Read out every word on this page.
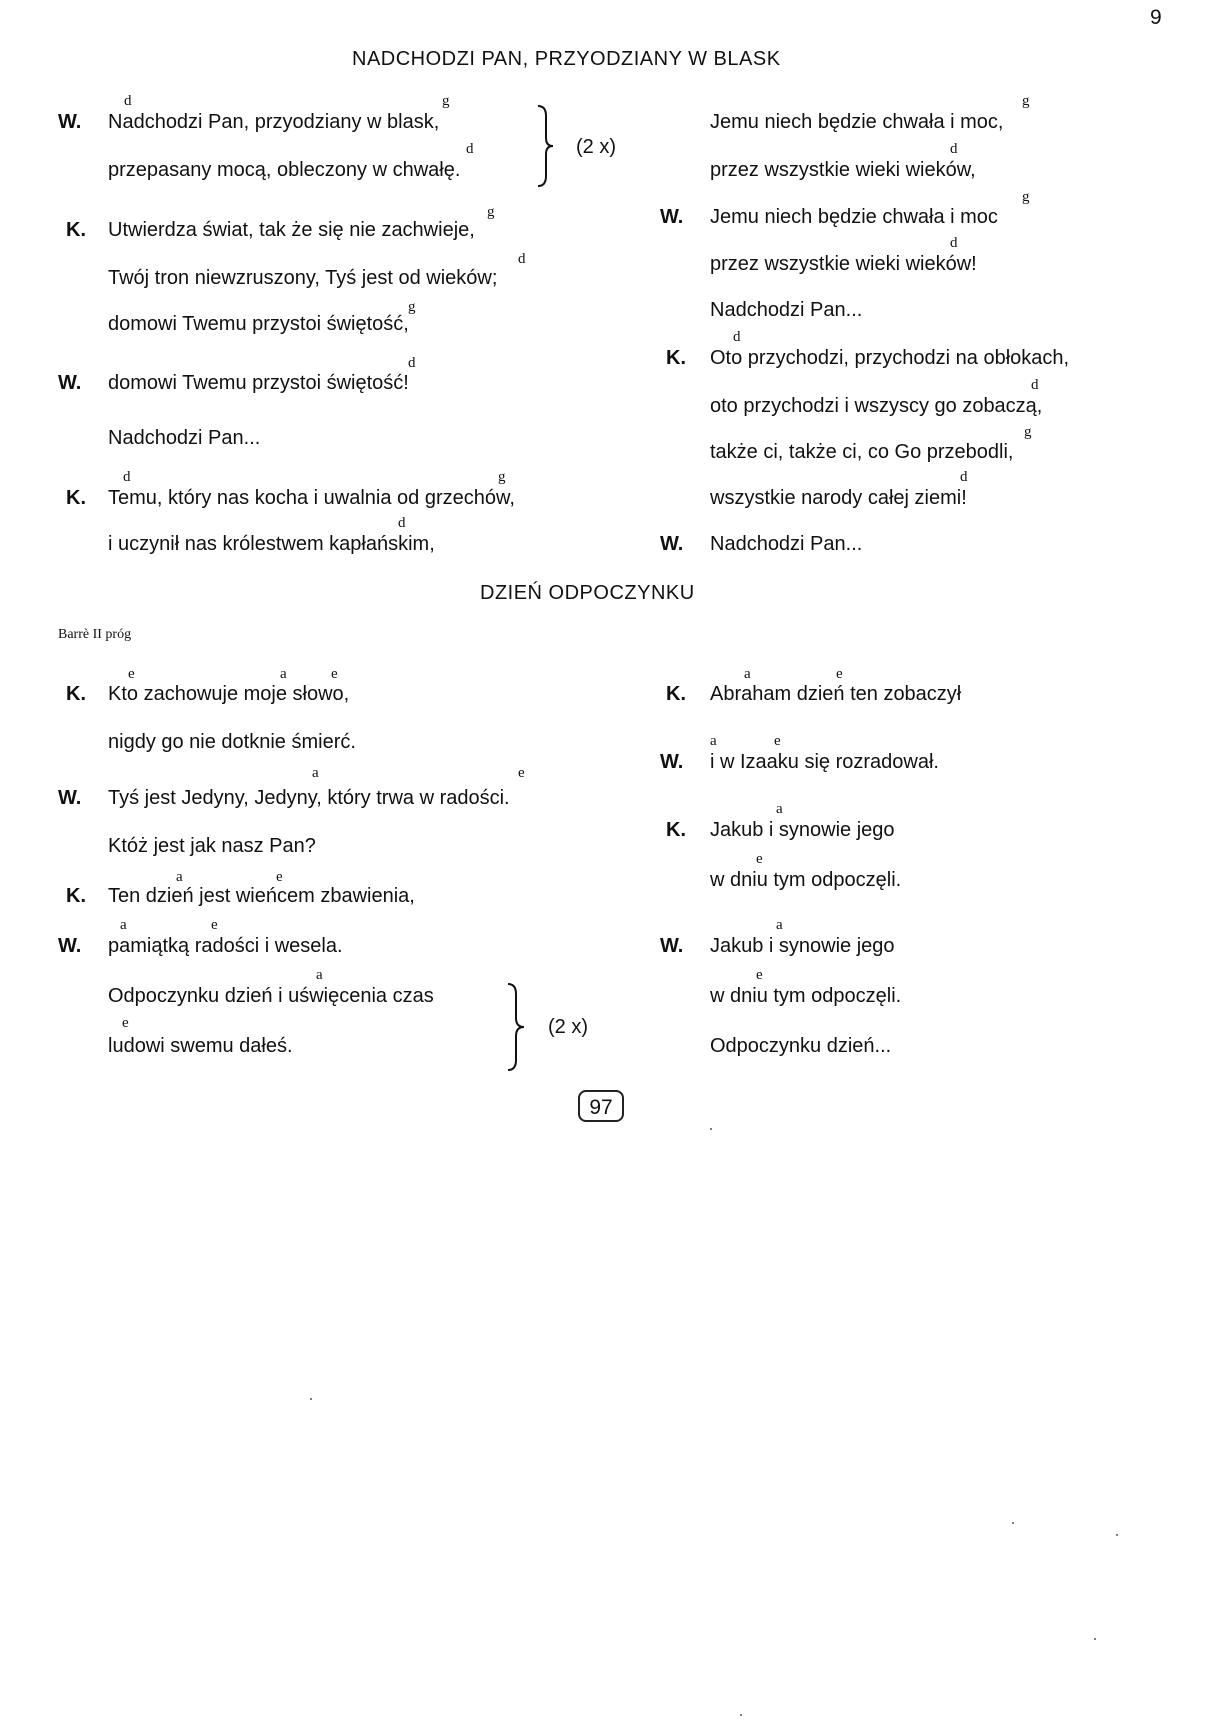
9
NADCHODZI PAN, PRZYODZIANY W BLASK
d	g
W. Nadchodzi Pan, przyodziany w blask,
d
przepasany mocą, obleczony w chwałę.
g
K. Utwierdza świat, tak że się nie zachwieje,
d
Twój tron niewzruszony, Tyś jest od wieków;
g
domowi Twemu przystoi świętość,
d
W. domowi Twemu przystoi świętość!
Nadchodzi Pan...
d	g
K. Temu, który nas kocha i uwalnia od grzechów,
d
i uczynił nas królestwem kapłańskim,
(2 x)
g
Jemu niech będzie chwała i moc,
d
przez wszystkie wieki wieków,
g
W. Jemu niech będzie chwała i moc
d
przez wszystkie wieki wieków!
Nadchodzi Pan...
d
K. Oto przychodzi, przychodzi na obłokach,
d
oto przychodzi i wszyscy go zobaczą,
g
także ci, także ci, co Go przebodli,
d
wszystkie narody całej ziemi!
W. Nadchodzi Pan...
DZIEŃ ODPOCZYNKU
Barrè II próg
e	a	e
K. Kto zachowuje moje słowo,
nigdy go nie dotknie śmierć.
a	e
W. Tyś jest Jedyny, Jedyny, który trwa w radości.
Któż jest jak nasz Pan?
a	e
K. Ten dzień jest wieńcem zbawienia,
a	e
W. pamiątką radości i wesela.
a
Odpoczynku dzień i uświęcenia czas
e
ludowi swemu dałeś.
(2 x)
a	e
K. Abraham dzień ten zobaczył
a	e
W. i w Izaaku się rozradował.
a
K. Jakub i synowie jego
e
w dniu tym odpoczęli.
a
W. Jakub i synowie jego
e
w dniu tym odpoczęli.
Odpoczynku dzień...
97
